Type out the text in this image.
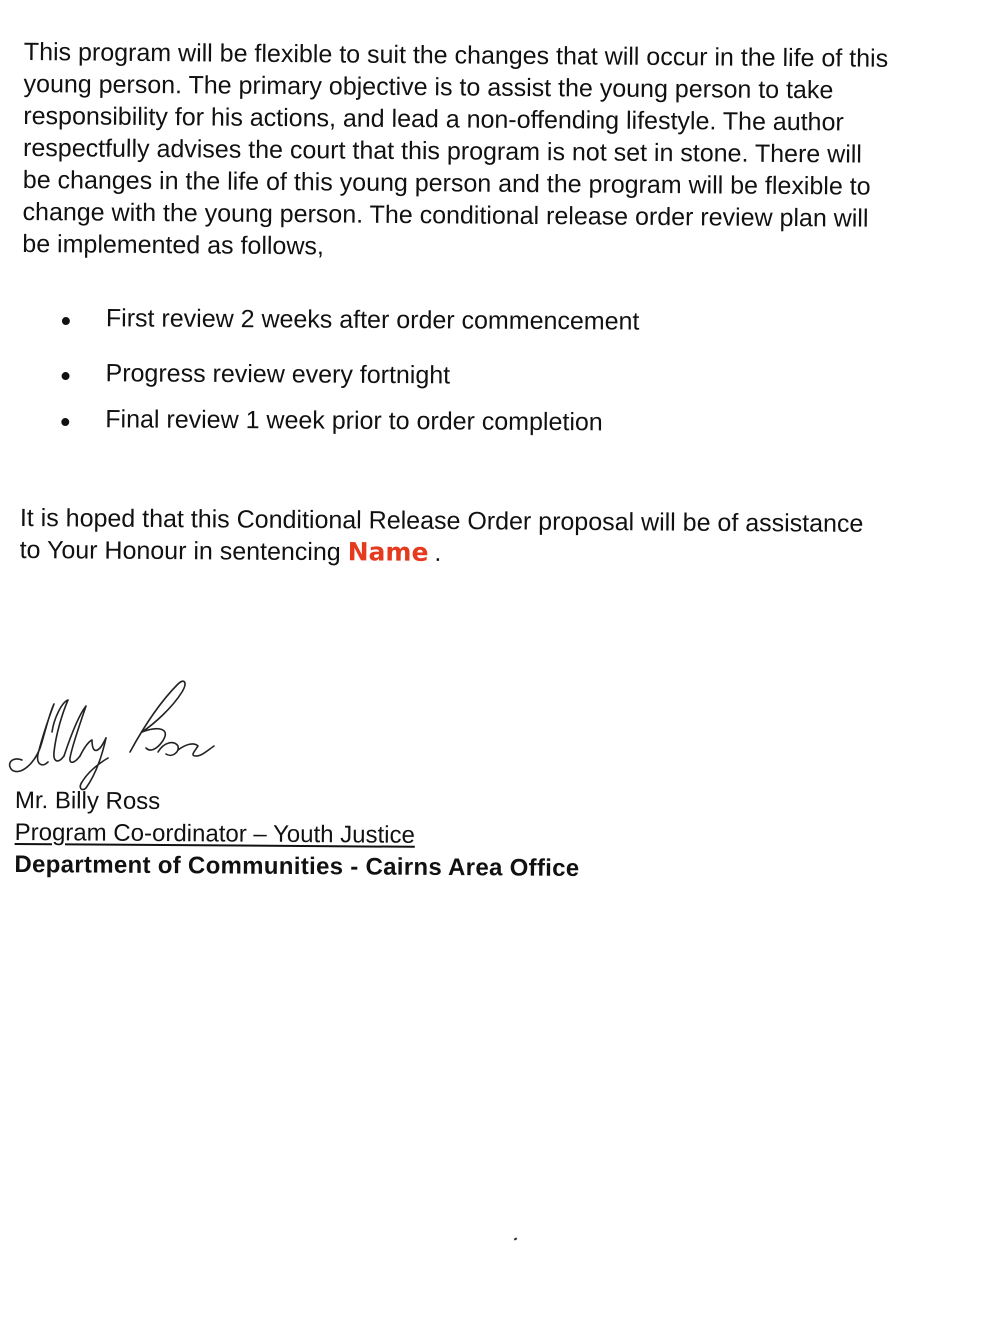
This program will be flexible to suit the changes that will occur in the life of this
young person. The primary objective is to assist the young person to take
responsibility for his actions, and lead a non-offending lifestyle. The author
respectfully advises the court that this program is not set in stone. There will
be changes in the life of this young person and the program will be flexible to
change with the young person. The conditional release order review plan will
be implemented as follows,
First review 2 weeks after order commencement
Progress review every fortnight
Final review 1 week prior to order completion
It is hoped that this Conditional Release Order proposal will be of assistance
to Your Honour in sentencing Name .
Mr. Billy Ross
Program Co-ordinator – Youth Justice
Department of Communities - Cairns Area Office
